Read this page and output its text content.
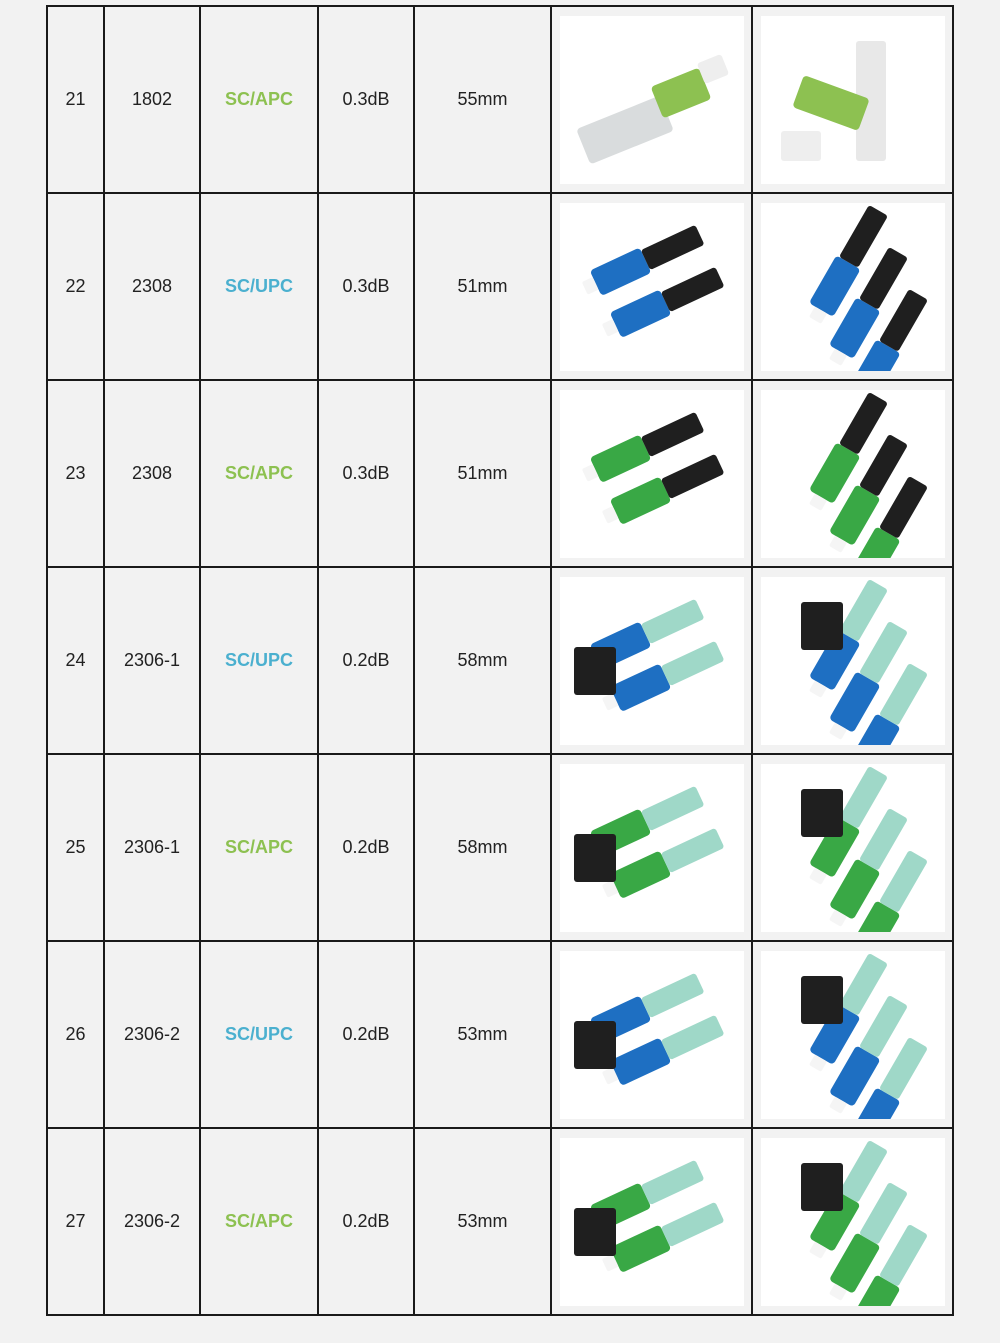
21	1802	SC/APC	0.3dB	55mm	

22	2308	SC/UPC	0.3dB	51mm	

23	2308	SC/APC	0.3dB	51mm	

24	2306-1	SC/UPC	0.2dB	58mm	

25	2306-1	SC/APC	0.2dB	58mm	

26	2306-2	SC/UPC	0.2dB	53mm	

27	2306-2	SC/APC	0.2dB	53mm	
